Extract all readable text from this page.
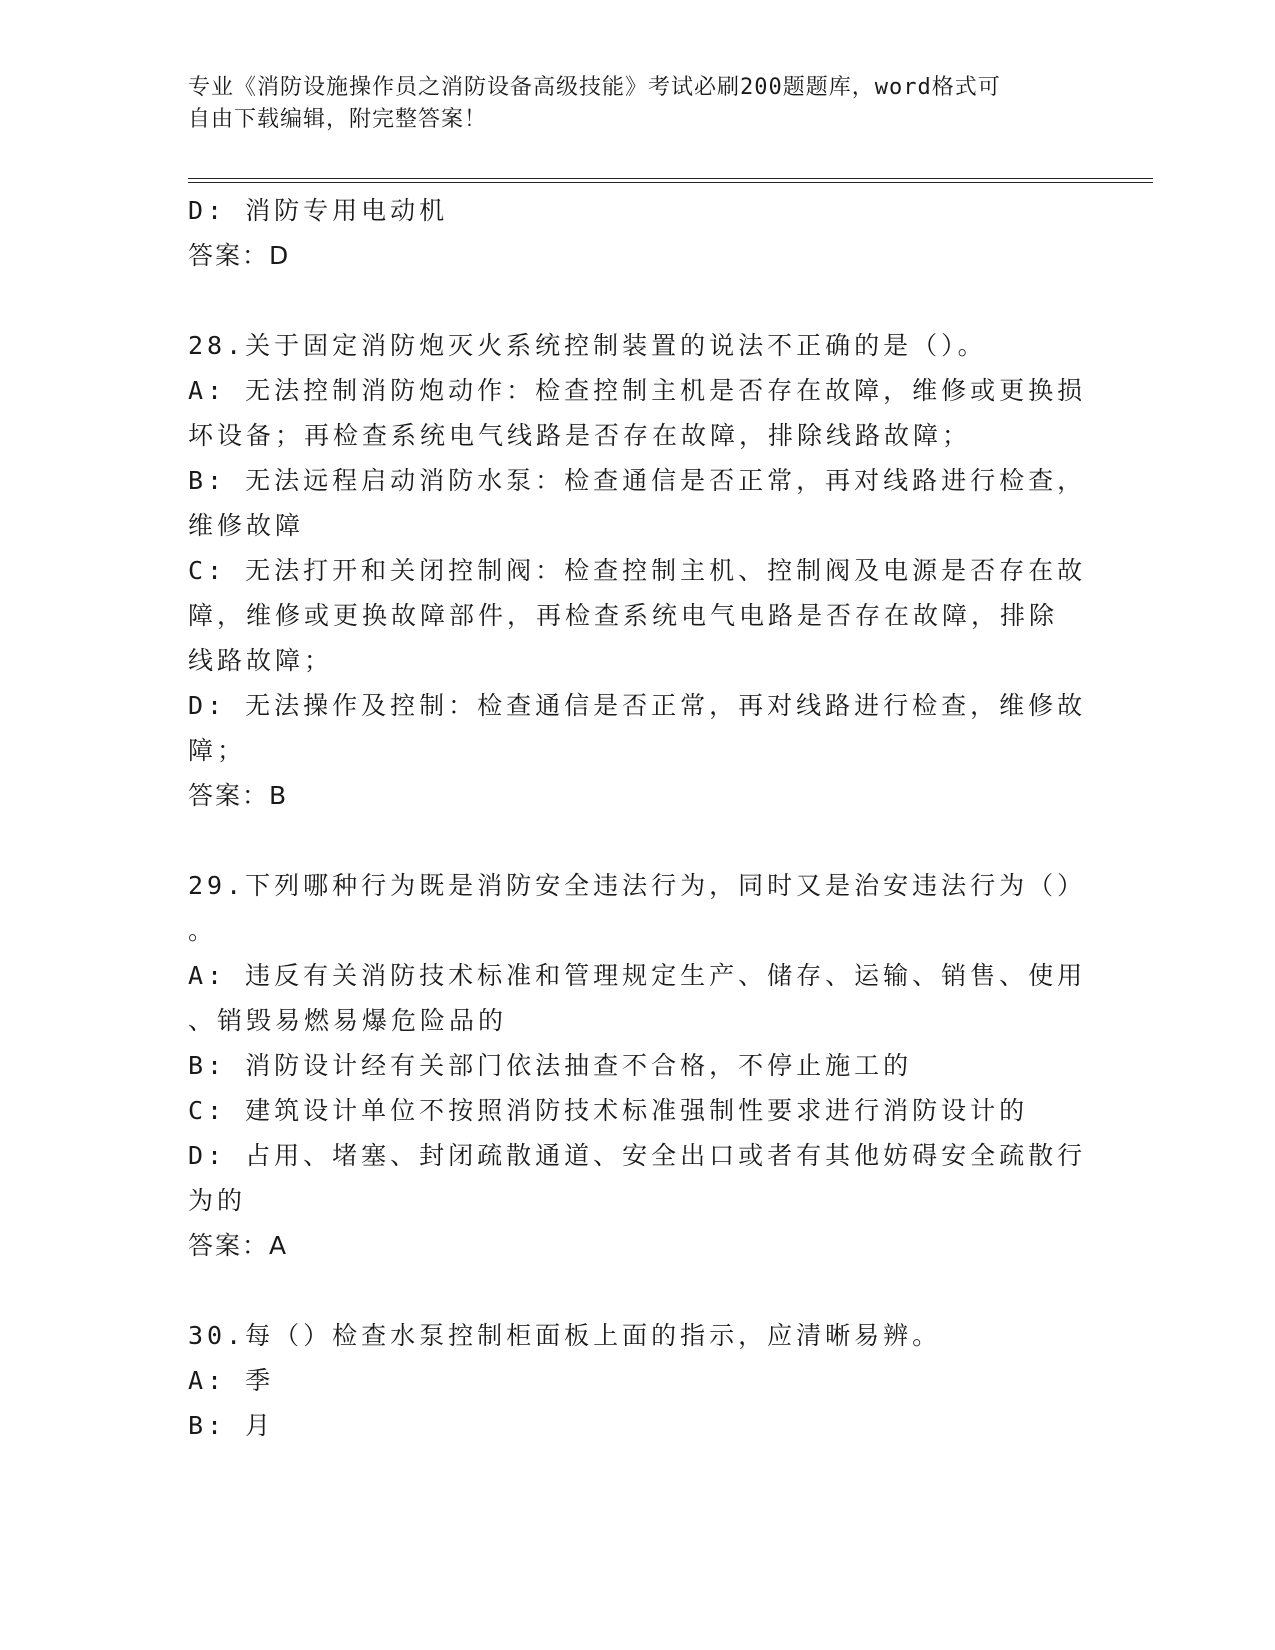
专业《消防设施操作员之消防设备高级技能》考试必刷200题题库，word格式可
自由下载编辑，附完整答案！
D: 消防专用电动机
答案：D
28.关于固定消防炮灭火系统控制装置的说法不正确的是（）。
A: 无法控制消防炮动作：检查控制主机是否存在故障，维修或更换损
坏设备；再检查系统电气线路是否存在故障，排除线路故障；
B: 无法远程启动消防水泵：检查通信是否正常，再对线路进行检查，
维修故障
C: 无法打开和关闭控制阀：检查控制主机、控制阀及电源是否存在故
障，维修或更换故障部件，再检查系统电气电路是否存在故障，排除
线路故障；
D: 无法操作及控制：检查通信是否正常，再对线路进行检查，维修故
障；
答案：B
29.下列哪种行为既是消防安全违法行为，同时又是治安违法行为（）
。
A: 违反有关消防技术标准和管理规定生产、储存、运输、销售、使用
、销毁易燃易爆危险品的
B: 消防设计经有关部门依法抽查不合格，不停止施工的
C: 建筑设计单位不按照消防技术标准强制性要求进行消防设计的
D: 占用、堵塞、封闭疏散通道、安全出口或者有其他妨碍安全疏散行
为的
答案：A
30.每（）检查水泵控制柜面板上面的指示，应清晰易辨。
A: 季
B: 月
